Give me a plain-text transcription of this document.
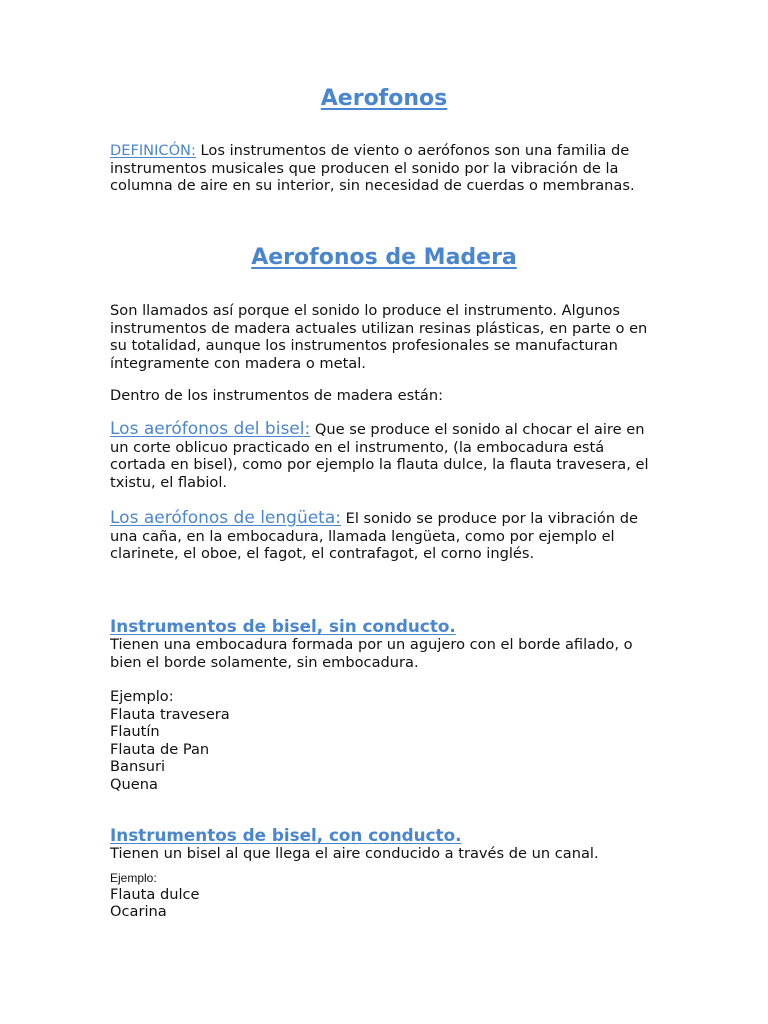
Aerofonos

DEFINICÓN: Los instrumentos de viento o aerófonos son una familia de instrumentos musicales que producen el sonido por la vibración de la columna de aire en su interior, sin necesidad de cuerdas o membranas.

Aerofonos de Madera

Son llamados así porque el sonido lo produce el instrumento. Algunos instrumentos de madera actuales utilizan resinas plásticas, en parte o en su totalidad, aunque los instrumentos profesionales se manufacturan íntegramente con madera o metal.

Dentro de los instrumentos de madera están:

Los aerófonos del bisel: Que se produce el sonido al chocar el aire en un corte oblicuo practicado en el instrumento, (la embocadura está cortada en bisel), como por ejemplo la flauta dulce, la flauta travesera, el txistu, el flabiol.

Los aerófonos de lengüeta: El sonido se produce por la vibración de una caña, en la embocadura, llamada lengüeta, como por ejemplo el clarinete, el oboe, el fagot, el contrafagot, el corno inglés.

Instrumentos de bisel, sin conducto.

Tienen una embocadura formada por un agujero con el borde afilado, o bien el borde solamente, sin embocadura.

Ejemplo:

Flauta travesera
Flautín
Flauta de Pan
Bansuri
Quena
Instrumentos de bisel, con conducto.

Tienen un bisel al que llega el aire conducido a través de un canal.

Ejemplo:

Flauta dulce
Ocarina
